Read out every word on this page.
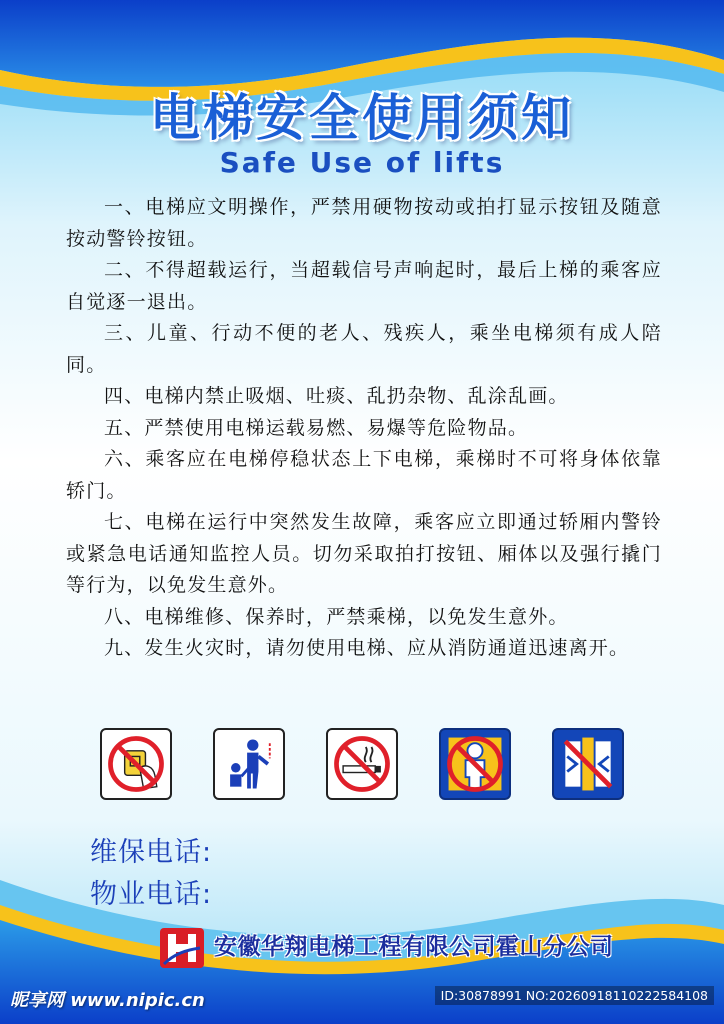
电梯安全使用须知
Safe Use of lifts

一、电梯应文明操作，严禁用硬物按动或拍打显示按钮及随意按动警铃按钮。

二、不得超载运行，当超载信号声响起时，最后上梯的乘客应自觉逐一退出。

三、儿童、行动不便的老人、残疾人，乘坐电梯须有成人陪同。

四、电梯内禁止吸烟、吐痰、乱扔杂物、乱涂乱画。

五、严禁使用电梯运载易燃、易爆等危险物品。

六、乘客应在电梯停稳状态上下电梯，乘梯时不可将身体依靠轿门。

七、电梯在运行中突然发生故障，乘客应立即通过轿厢内警铃或紧急电话通知监控人员。切勿采取拍打按钮、厢体以及强行撬门等行为，以免发生意外。

八、电梯维修、保养时，严禁乘梯，以免发生意外。

九、发生火灾时，请勿使用电梯、应从消防通道迅速离开。

维保电话:
物业电话:
安徽华翔电梯工程有限公司霍山分公司
昵享网 www.nipic.cn	ID:30878991 NO:20260918110222584108
